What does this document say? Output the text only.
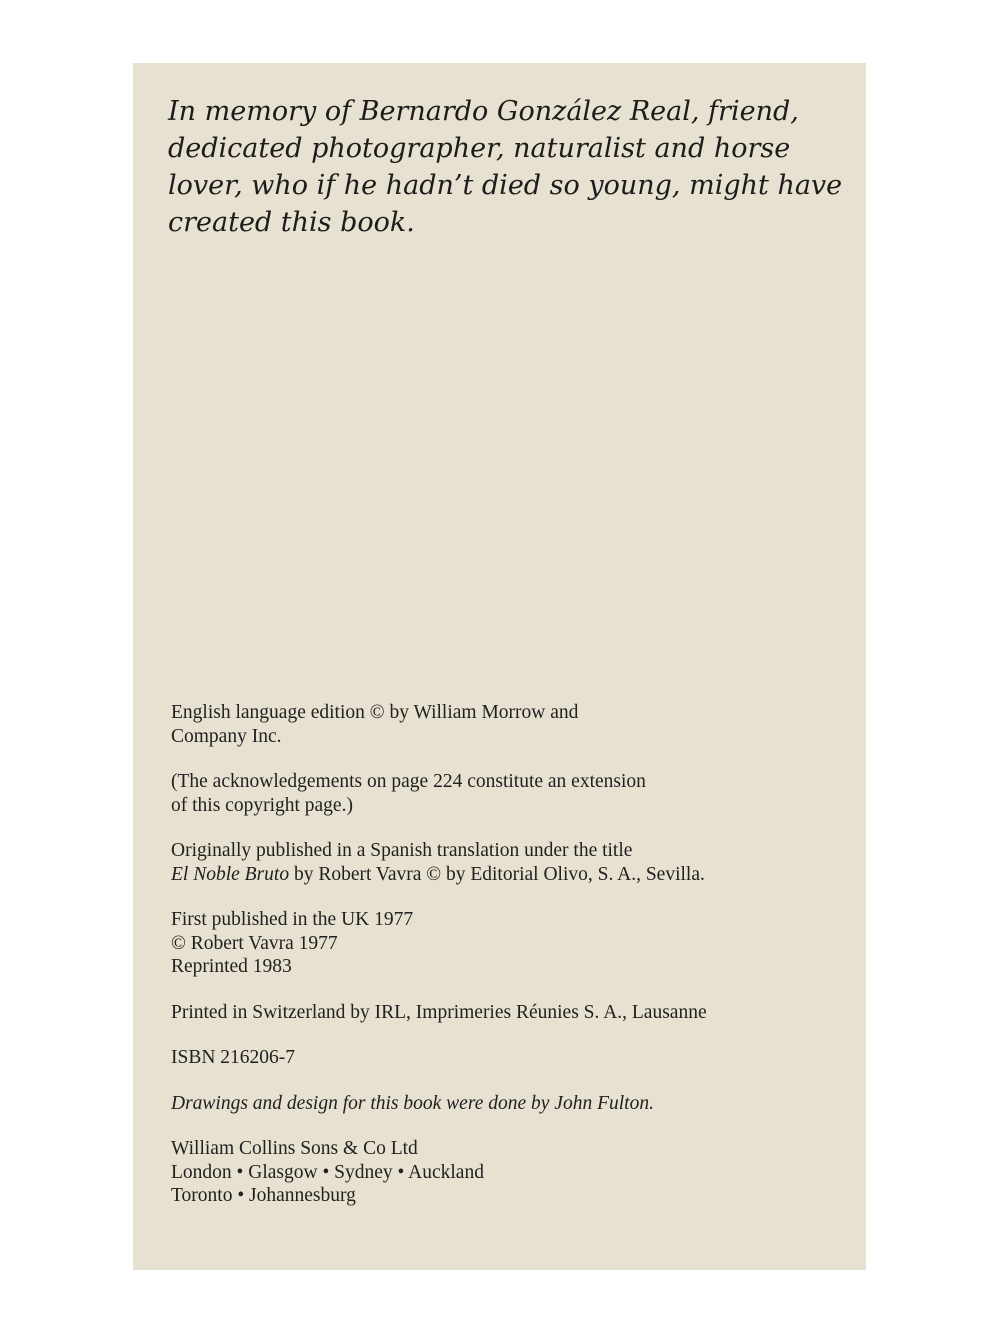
In memory of Bernardo González Real, friend,
dedicated photographer, naturalist and horse
lover, who if he hadn’t died so young, might have
created this book.

English language edition © by William Morrow and
Company Inc.

(The acknowledgements on page 224 constitute an extension
of this copyright page.)

Originally published in a Spanish translation under the title
El Noble Bruto by Robert Vavra © by Editorial Olivo, S. A., Sevilla.

First published in the UK 1977
© Robert Vavra 1977
Reprinted 1983

Printed in Switzerland by IRL, Imprimeries Réunies S. A., Lausanne

ISBN 216206-7

Drawings and design for this book were done by John Fulton.

William Collins Sons & Co Ltd
London • Glasgow • Sydney • Auckland
Toronto • Johannesburg
